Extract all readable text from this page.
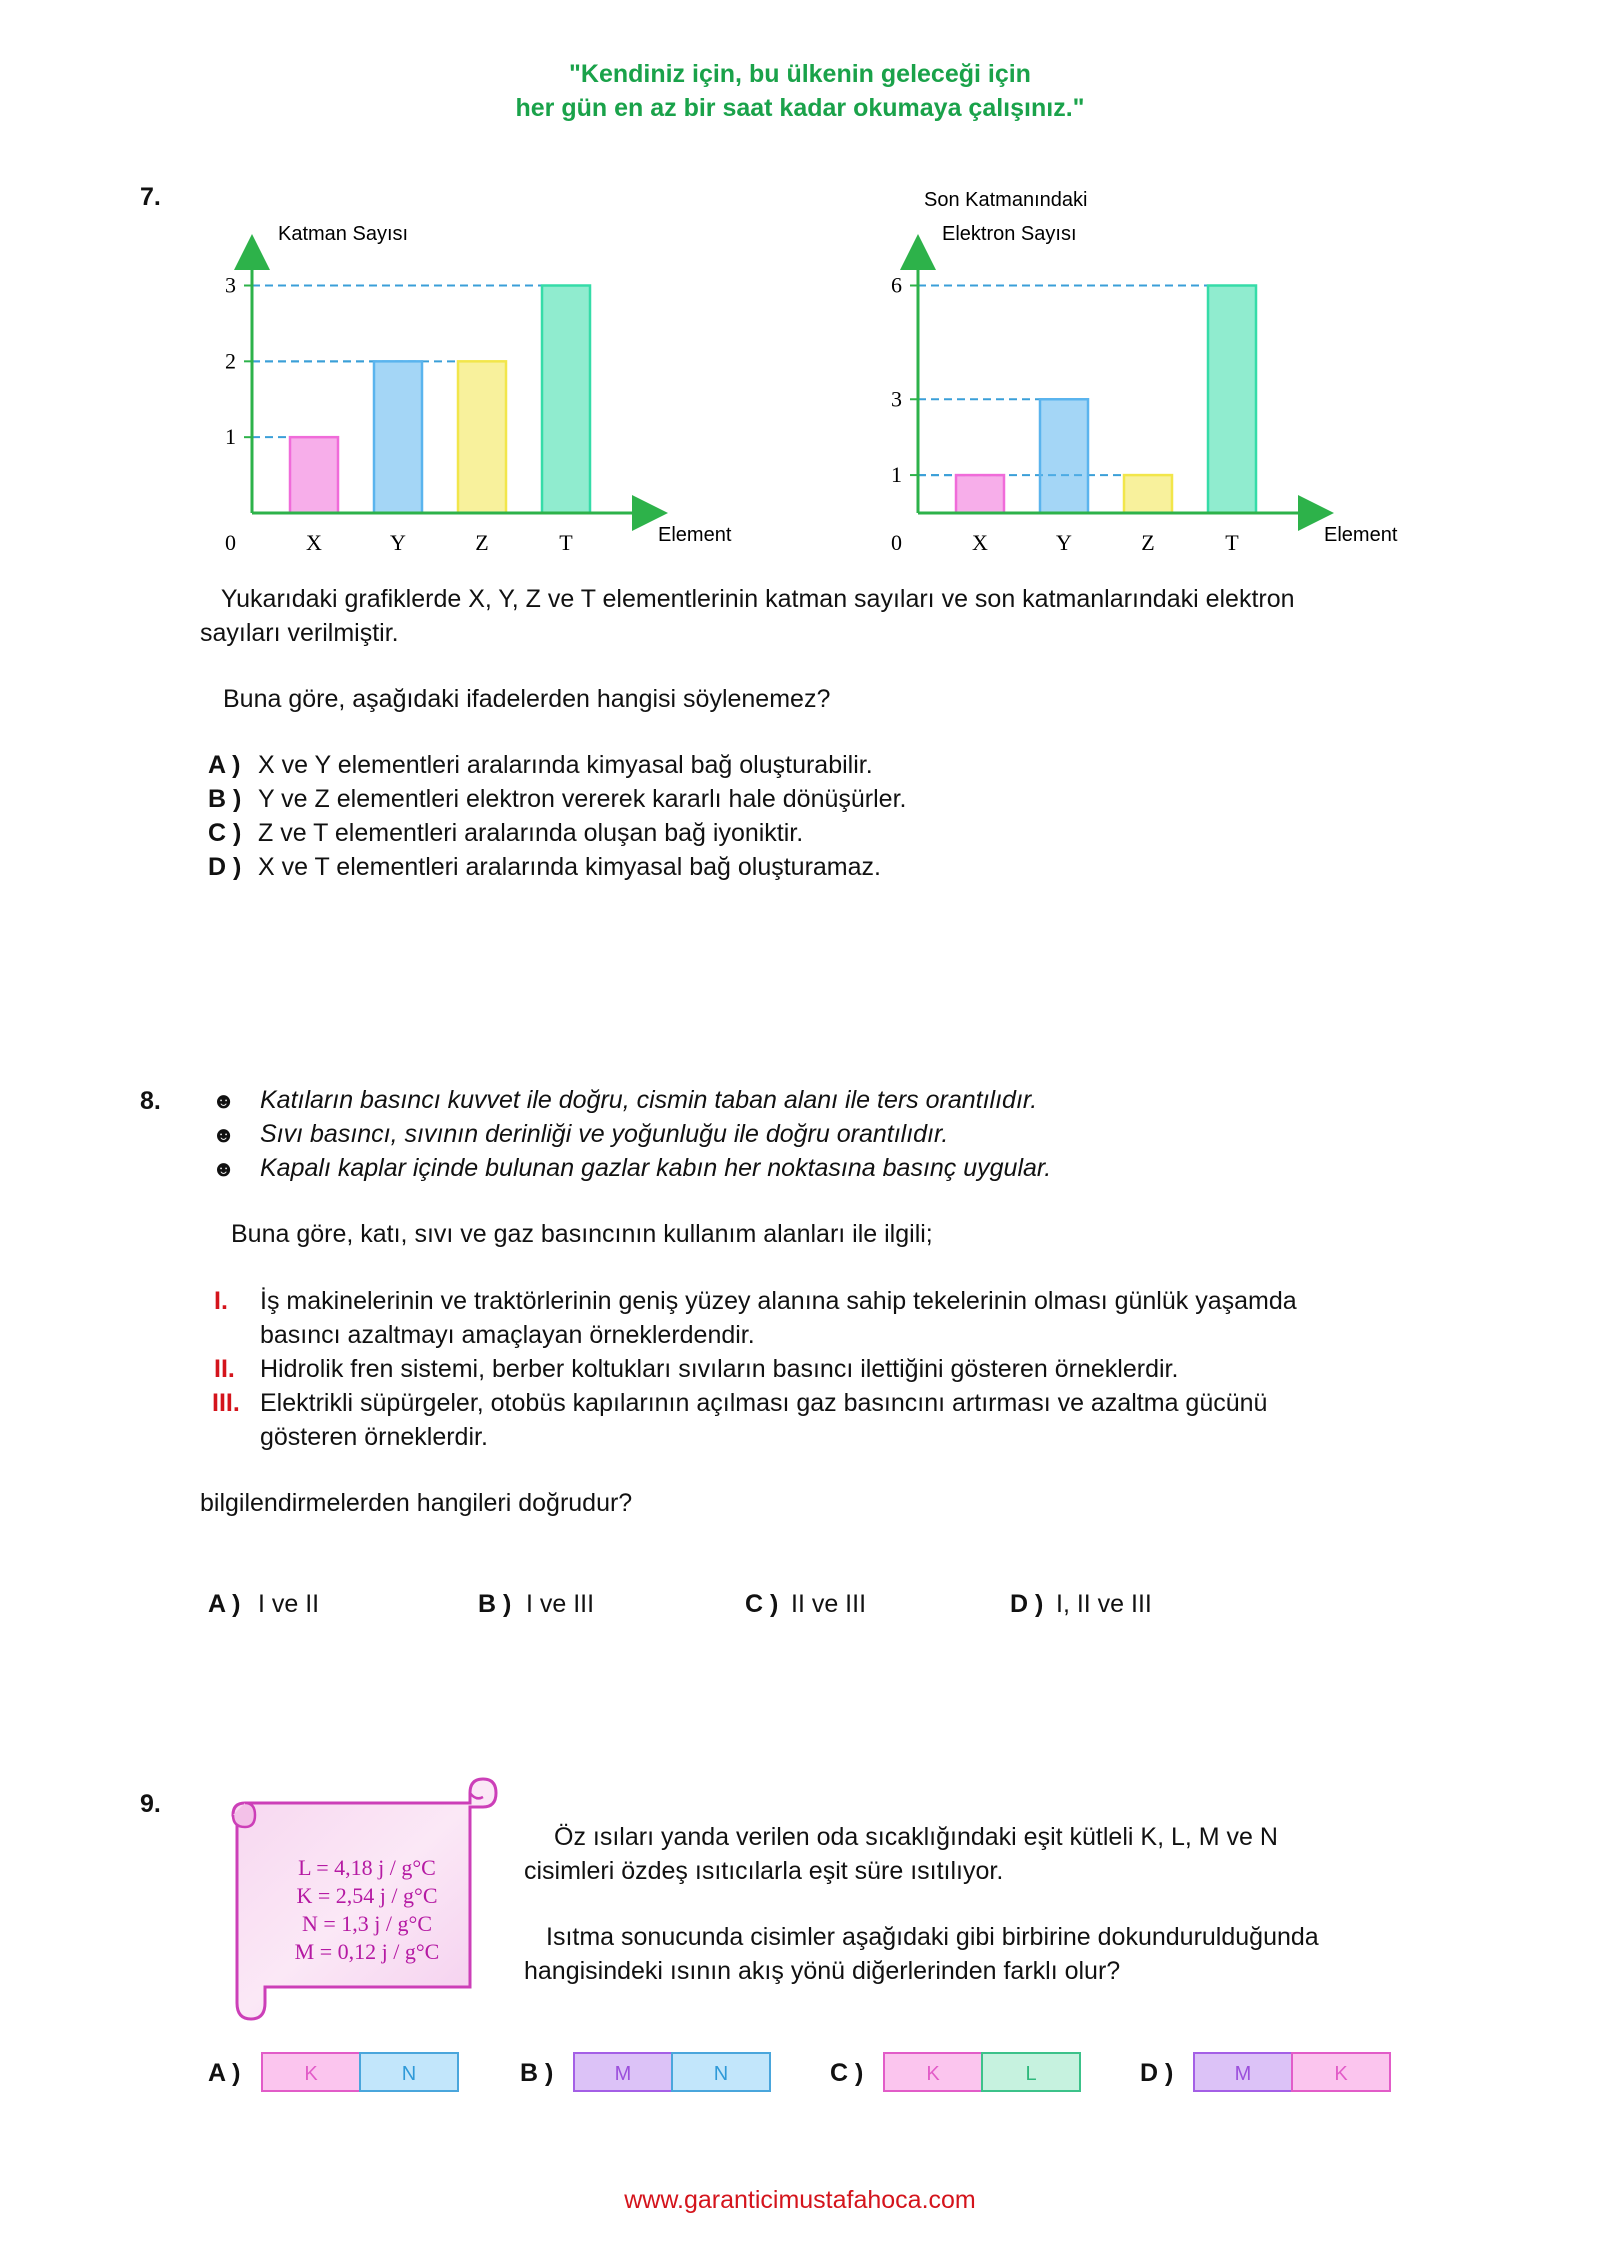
"Kendiniz için, bu ülkenin geleceği için
her gün en az bir saat kadar okumaya çalışınız."
7.
Katman Sayısı
Element
0
1
2
3
X	Y	Z	T
Son Katmanındaki
Elektron Sayısı
Element
0
1
3
6
X	Y	Z	T
Yukarıdaki grafiklerde X, Y, Z ve T elementlerinin katman sayıları ve son katmanlarındaki elektron
sayıları verilmiştir.
Buna göre, aşağıdaki ifadelerden hangisi söylenemez?
A ) X ve Y elementleri aralarında kimyasal bağ oluşturabilir.
B ) Y ve Z elementleri elektron vererek kararlı hale dönüşürler.
C ) Z ve T elementleri aralarında oluşan bağ iyoniktir.
D ) X ve T elementleri aralarında kimyasal bağ oluşturamaz.
8. ☻ Katıların basıncı kuvvet ile doğru, cismin taban alanı ile ters orantılıdır.
☻ Sıvı basıncı, sıvının derinliği ve yoğunluğu ile doğru orantılıdır.
☻ Kapalı kaplar içinde bulunan gazlar kabın her noktasına basınç uygular.
Buna göre, katı, sıvı ve gaz basıncının kullanım alanları ile ilgili;
I. İş makinelerinin ve traktörlerinin geniş yüzey alanına sahip tekelerinin olması günlük yaşamda
basıncı azaltmayı amaçlayan örneklerdendir.
II. Hidrolik fren sistemi, berber koltukları sıvıların basıncı ilettiğini gösteren örneklerdir.
III. Elektrikli süpürgeler, otobüs kapılarının açılması gaz basıncını artırması ve azaltma gücünü
gösteren örneklerdir.
bilgilendirmelerden hangileri doğrudur?
A ) I ve II	B ) I ve III	C ) II ve III	D ) I, II ve III
9.
L = 4,18 j / g°C
K = 2,54 j / g°C
N = 1,3 j / g°C
M = 0,12 j / g°C
Öz ısıları yanda verilen oda sıcaklığındaki eşit kütleli K, L, M ve N
cisimleri özdeş ısıtıcılarla eşit süre ısıtılıyor.
Isıtma sonucunda cisimler aşağıdaki gibi birbirine dokundurulduğunda
hangisindeki ısının akış yönü diğerlerinden farklı olur?
A )	K	N	B )	M	N	C )	K	L	D )	M	K
www.garanticimustafahoca.com
